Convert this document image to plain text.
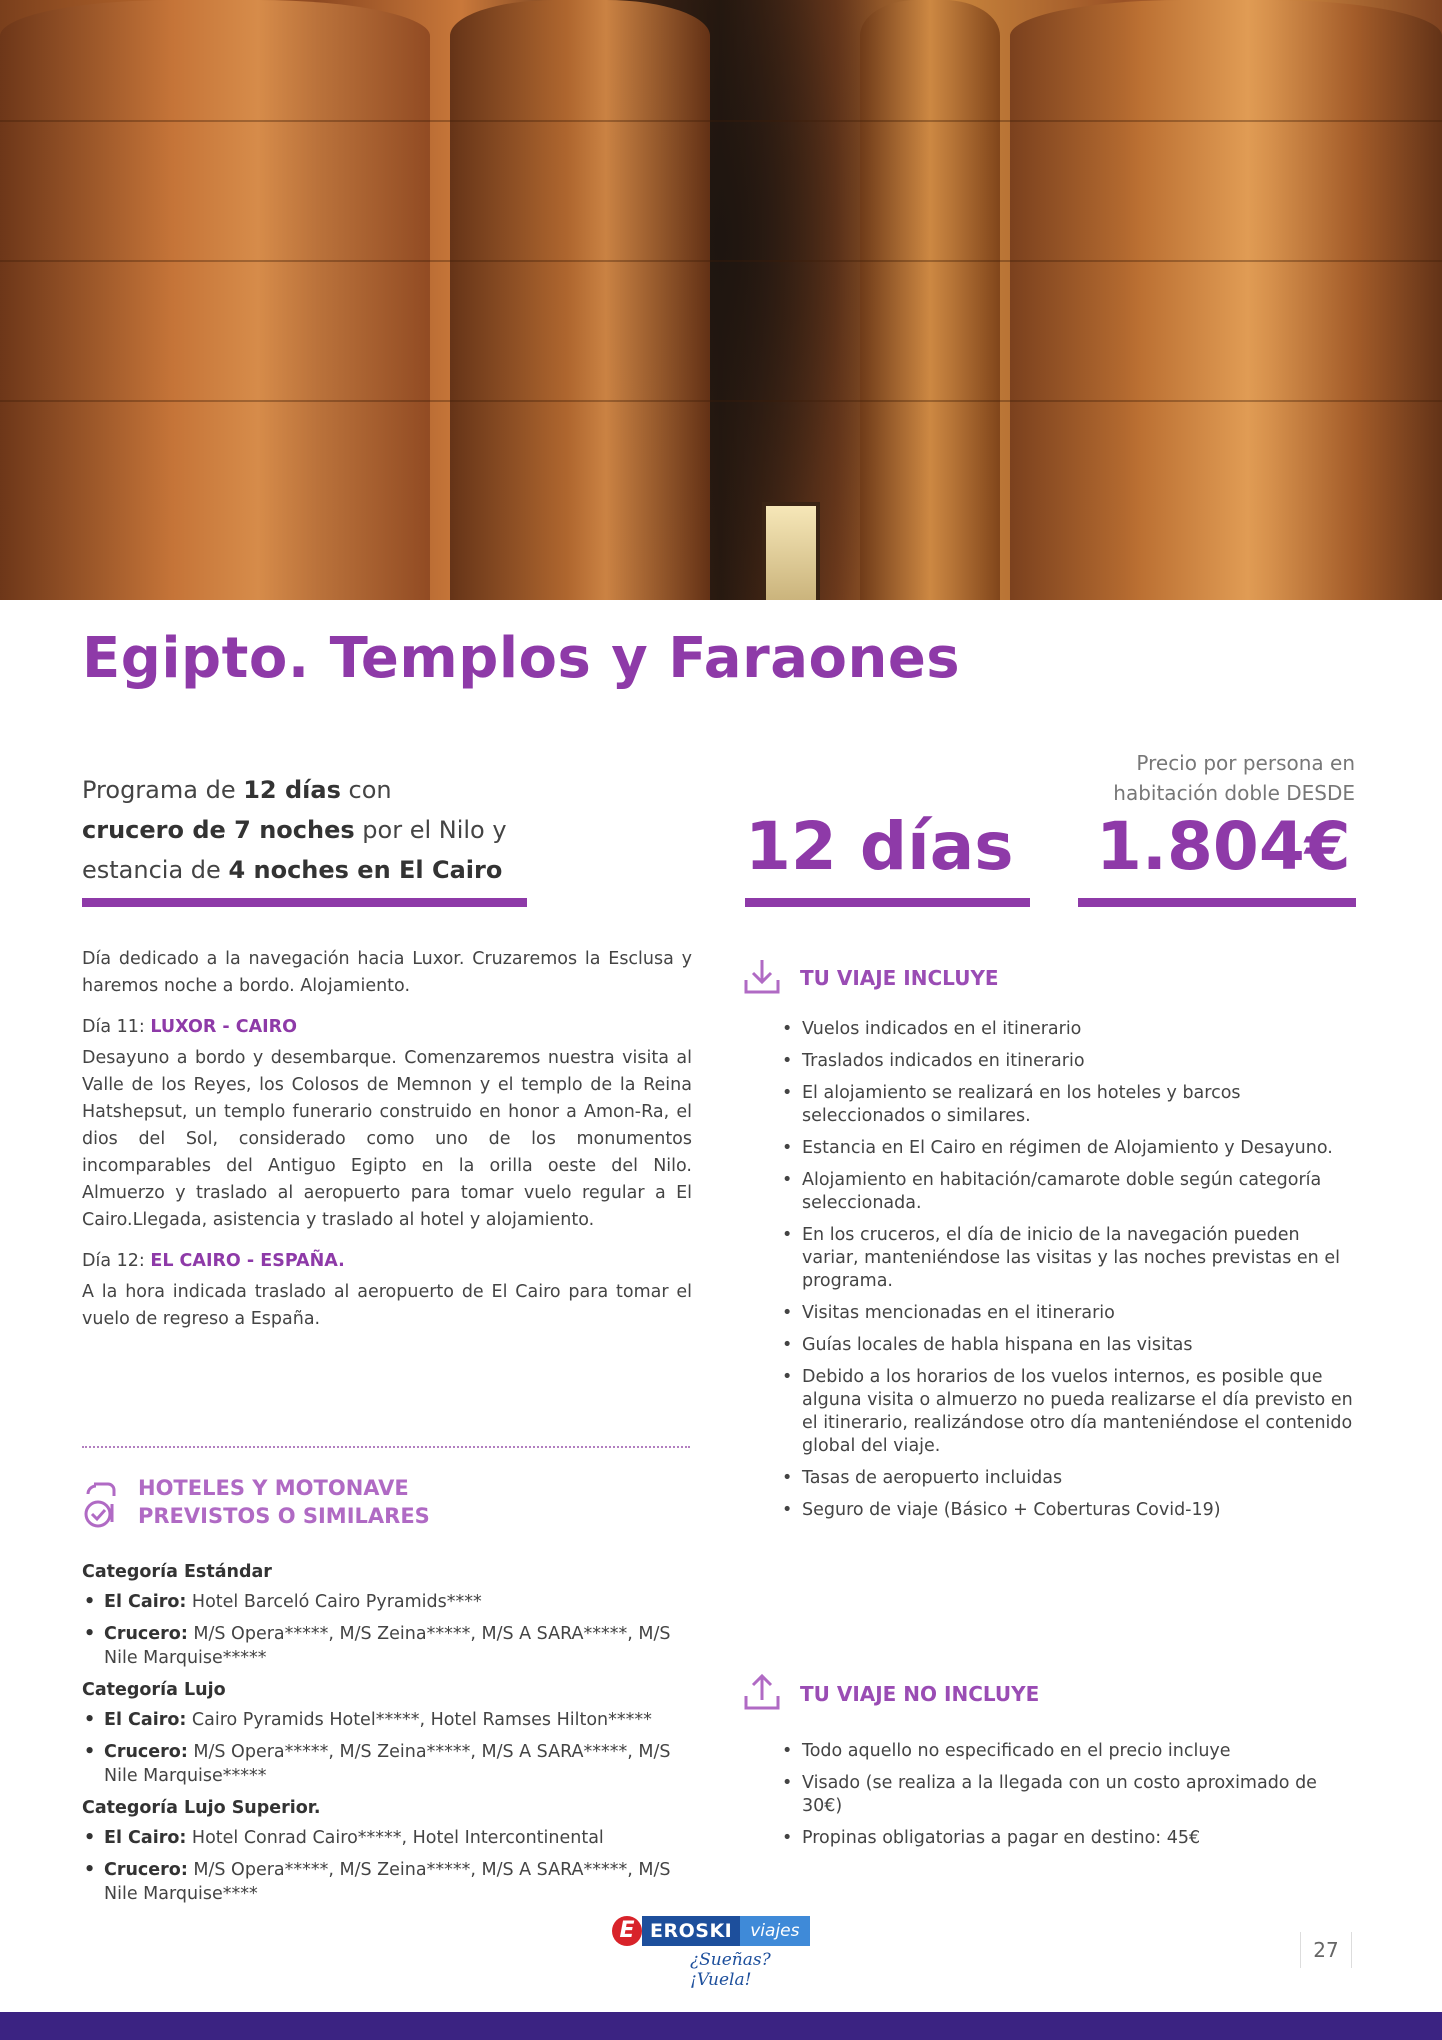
Egipto. Templos y Faraones

Programa de 12 días con
crucero de 7 noches por el Nilo y
estancia de 4 noches en El Cairo

Precio por persona en
habitación doble DESDE
12 días 1.804€

Día dedicado a la navegación hacia Luxor. Cruzaremos la Esclusa y haremos noche a bordo. Alojamiento.

Día 11: LUXOR - CAIRO

Desayuno a bordo y desembarque. Comenzaremos nuestra visita al Valle de los Reyes, los Colosos de Memnon y el templo de la Reina Hatshepsut, un templo funerario construido en honor a Amon-Ra, el dios del Sol, considerado como uno de los monumentos incomparables del Antiguo Egipto en la orilla oeste del Nilo. Almuerzo y traslado al aeropuerto para tomar vuelo regular a El Cairo.Llegada, asistencia y traslado al hotel y alojamiento.

Día 12: EL CAIRO - ESPAÑA.

A la hora indicada traslado al aeropuerto de El Cairo para tomar el vuelo de regreso a España.

HOTELES Y MOTONAVE
PREVISTOS O SIMILARES
Categoría Estándar
• El Cairo: Hotel Barceló Cairo Pyramids****
• Crucero: M/S Opera*****, M/S Zeina*****, M/S A SARA*****, M/S Nile Marquise*****
Categoría Lujo
• El Cairo: Cairo Pyramids Hotel*****, Hotel Ramses Hilton*****
• Crucero: M/S Opera*****, M/S Zeina*****, M/S A SARA*****, M/S Nile Marquise*****
Categoría Lujo Superior.
• El Cairo: Hotel Conrad Cairo*****, Hotel Intercontinental
• Crucero: M/S Opera*****, M/S Zeina*****, M/S A SARA*****, M/S Nile Marquise****
TU VIAJE INCLUYE
• Vuelos indicados en el itinerario
• Traslados indicados en itinerario
• El alojamiento se realizará en los hoteles y barcos seleccionados o similares.
• Estancia en El Cairo en régimen de Alojamiento y Desayuno.
• Alojamiento en habitación/camarote doble según categoría seleccionada.
• En los cruceros, el día de inicio de la navegación pueden variar, manteniéndose las visitas y las noches previstas en el programa.
• Visitas mencionadas en el itinerario
• Guías locales de habla hispana en las visitas
• Debido a los horarios de los vuelos internos, es posible que alguna visita o almuerzo no pueda realizarse el día previsto en el itinerario, realizándose otro día manteniéndose el contenido global del viaje.
• Tasas de aeropuerto incluidas
• Seguro de viaje (Básico + Coberturas Covid-19)
TU VIAJE NO INCLUYE
• Todo aquello no especificado en el precio incluye
• Visado (se realiza a la llegada con un costo aproximado de 30€)
• Propinas obligatorias a pagar en destino: 45€
E EROSKI	viajes
¿Sueñas? ¡Vuela!
27
